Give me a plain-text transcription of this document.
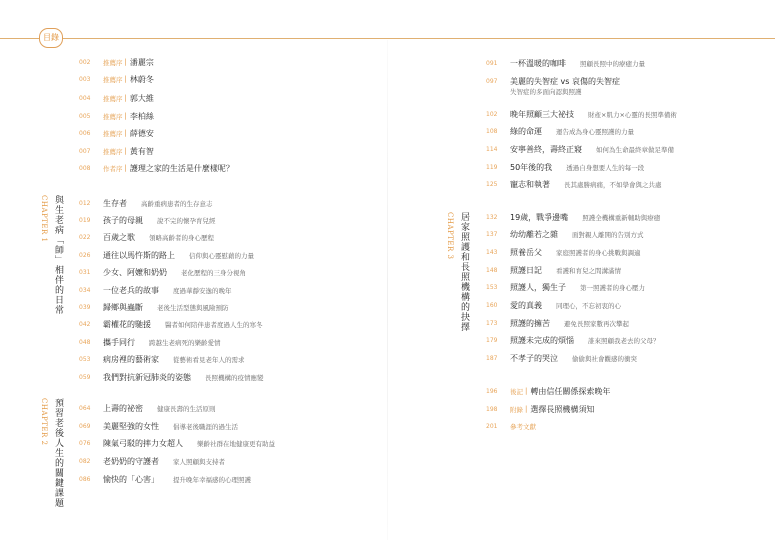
目錄
002	推薦序 | 潘麗宗
003	推薦序 | 林蔚冬
004	推薦序 | 郭大維
005	推薦序 | 李柏絲
006	推薦序 | 薛德安
007	推薦序 | 黃有智
008	作者序 | 護理之家的生活是什麼樣呢？
CHAPTER 1 與生老病「師」相伴的日常	012	生存者 高齡重病患者的生存意志
019	孩子的母親 說不完的懷孕育兒經
022	百歲之歌 領略高齡者的身心歷程
026	通往以馬忤斯的路上 信仰與心靈慰藉的力量
031	少女、阿嬤和奶奶 老化歷程的三身分視角
034	一位老兵的故事 度過華靜安逸的晚年
039	歸鄉與蟲斷 老後生活型態與風險預防
042	霸權花的馳援 醫者如何陪伴患者度過人生的寒冬
048	攜手同行 跨越生老病死的樂齡愛情
053	病房裡的藝術家 從藝術看見老年人的需求
059	我們對抗新冠肺炎的姿態 長照機構的疫情應變
CHAPTER 2 預習老後人生的關鍵課題	064	上壽的祕密 健康長壽的生活原則
069	美麗堅強的女性 倡導老後職涯的過生活
076	陳氣弓駁的摔力女超人 樂齡社群在地健康更有助益
082	老奶奶的守護者 家人照顧與支持者
086	愉快的「心害」 提升晚年幸福感的心理照護
091	一杯溫暖的咖啡 照顧長照中的療癒力量
097	美麗的失智症 vs 哀傷的失智症
失智症的多面向認與照護
102	晚年照顧三大祕技 財產×肌力×心靈的長照準備術
108	綠的命運 運告成為身心靈照護的力量
114	安寧善終，壽終正寢 如何為生命最終章做足準備
119	50年後的我 透過自身想要人生的每一段
125	寵志和執著 長其處勝病痛，不如學會與之共處
CHAPTER 3 居家照護和長照機構的抉擇	132	19歲，戰爭邊嘴 照護全機構重新輔助與療癒
137	幼幼離若之雜 面對親人離開的告別方式
143	照養岳父 家庭照護者的身心挑戰與調適
148	照護日記 看護和育兒之間溝滿情
153	照護人，獨生子 第一照護者的身心壓力
160	愛的真義 同理心，不忘初衷的心
173	照護的擁苦 避免長照家數再次攀起
179	照護未完成的煩惱 誰來照顧我老去的父母？
187	不孝子的哭泣 偷偷與社會觀感的衝突
196	後記 | 轉由信任關係探索晚年
198	附錄 | 選擇長照機構須知
201	參考文獻
